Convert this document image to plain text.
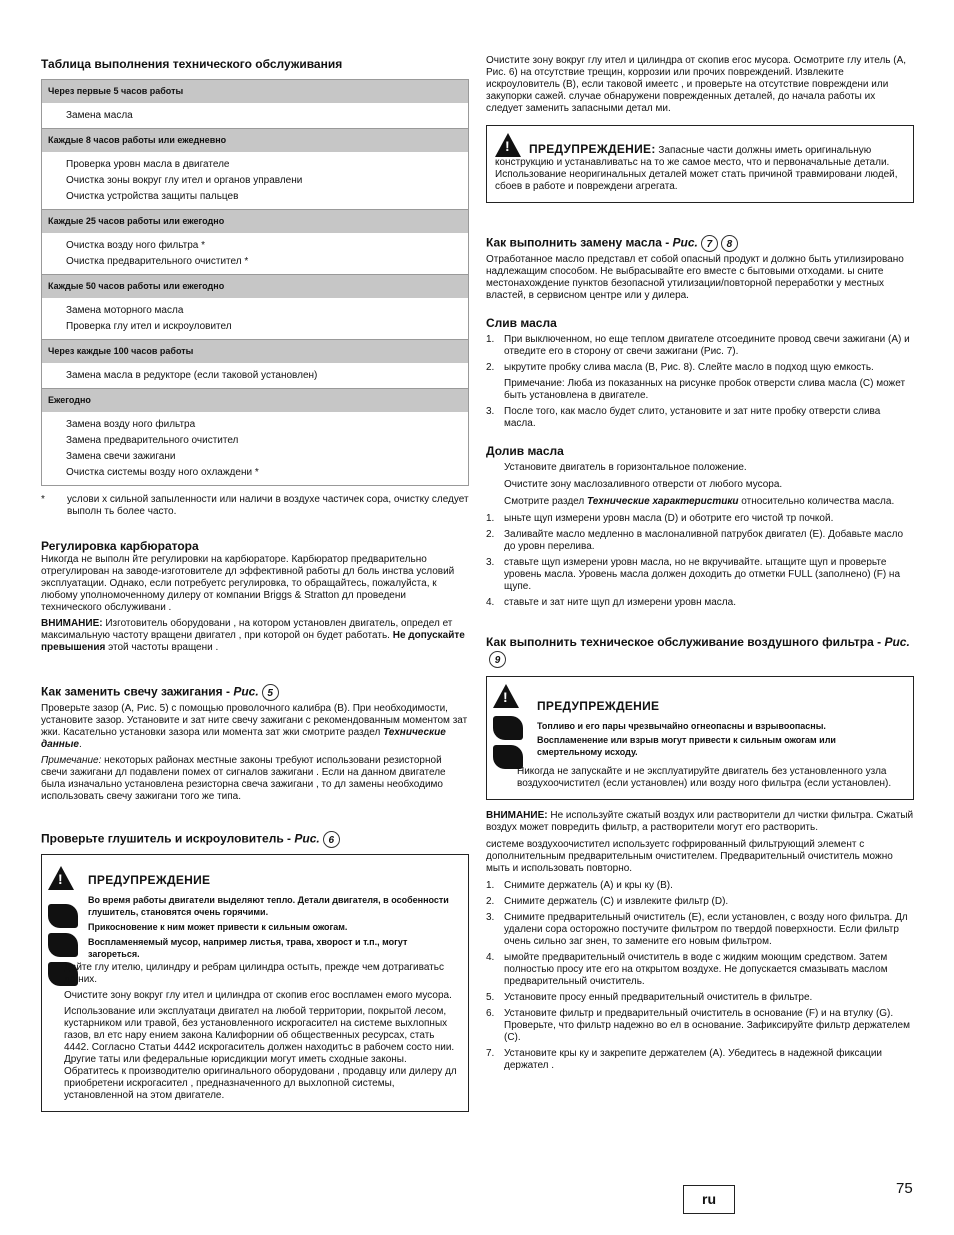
Таблица выполнения технического обслуживания
Через первые 5 часов работы
Замена масла
Каждые 8 часов работы или ежедневно
Проверка уровн масла в двигателе
Очистка зоны вокруг глу ител и органов управлени
Очистка устройства защиты пальцев
Каждые 25 часов работы или ежегодно
Очистка возду ного фильтра *
Очистка предварительного очистител *
Каждые 50 часов работы или ежегодно
Замена моторного масла
Проверка глу ител и искроуловител
Через каждые 100 часов работы
Замена масла в редукторе (если таковой установлен)
Ежегодно
Замена возду ного фильтра
Замена предварительного очистител
Замена свечи зажигани
Очистка системы возду ного охлаждени *
*	услови х сильной запыленности или наличи в воздухе частичек сора, очистку следует выполн ть более часто.
Регулировка карбюратора

Никогда не выполн йте регулировки на карбюраторе. Карбюратор предварительно отрегулирован на заводе-изготовителе дл эффективной работы дл боль инства условий эксплуатации. Однако, если потребуетс регулировка, то обращайтесь, пожалуйста, к любому уполномоченному дилеру от компании Briggs & Stratton дл проведени технического обслуживани .

ВНИМАНИЕ: Изготовитель оборудовани , на котором установлен двигатель, определ ет максимальную частоту вращени двигател , при которой он будет работать. Не допускайте превышения этой частоты вращени .

Как заменить свечу зажигания - Рис. 5

Проверьте зазор (А, Рис. 5) с помощью проволочного калибра (В). При необходимости, установите зазор. Установите и зат ните свечу зажигани с рекомендованным моментом зат жки. Касательно установки зазора или момента зат жки смотрите раздел Технические данные.

Примечание: некоторых районах местные законы требуют использовани резисторной свечи зажигани дл подавлени помех от сигналов зажигани . Если на данном двигателе была изначально установлена резисторна свеча зажигани , то дл замены необходимо использовать свечу зажигани того же типа.

Проверьте глушитель и искроуловитель - Рис. 6
!
ПРЕДУПРЕЖДЕНИЕ

Во время работы двигатели выделяют тепло. Детали двигателя, в особенности глушитель, становятся очень горячими.

Прикосновение к ним может привести к сильным ожогам.

Воспламеняемый мусор, например листья, трава, хворост и т.п., могут загореться.

Дайте глу ителю, цилиндру и ребрам цилиндра остыть, прежде чем дотрагиватьс до них.

Очистите зону вокруг глу ител и цилиндра от скопив егос воспламен емого мусора.

Использование или эксплуатаци двигател на любой территории, покрытой лесом, кустарником или травой, без установленного искрогасител на системе выхлопных газов, вл етс нару ением закона Калифорнии об общественных ресурсах, стать 4442. Согласно Статьи 4442 искрогаситель должен находитьс в рабочем состо нии. Другие таты или федеральные юрисдикции могут иметь сходные законы. Обратитесь к производителю оригинального оборудовани , продавцу или дилеру дл приобретени искрогасител , предназначенного дл выхлопной системы, установленной на этом двигателе.

Очистите зону вокруг глу ител и цилиндра от скопив егос мусора. Осмотрите глу итель (А, Рис. 6) на отсутствие трещин, коррозии или прочих повреждений. Извлеките искроуловитель (В), если таковой имеетс , и проверьте на отсутствие повреждени или закупорки сажей. случае обнаружени поврежденных деталей, до начала работы их следует заменить запасными детал ми.

!ПРЕДУПРЕЖДЕНИЕ: Запасные части должны иметь оригинальную конструкцию и устанавливатьс на то же самое место, что и первоначальные детали. Использование неоригинальных деталей может стать причиной травмировани людей, сбоев в работе и повреждени агрегата.

Как выполнить замену масла - Рис. 7 8

Отработанное масло представл ет собой опасный продукт и должно быть утилизировано надлежащим способом. Не выбрасывайте его вместе с бытовыми отходами. ы сните местонахождение пунктов безопасной утилизации/повторной переработки у местных властей, в сервисном центре или у дилера.

Слив масла
1. При выключенном, но еще теплом двигателе отсоедините провод свечи зажигани (А) и отведите его в сторону от свечи зажигани (Рис. 7).
2. ыкрутите пробку слива масла (В, Рис. 8). Слейте масло в подход щую емкость.
Примечание: Люба из показанных на рисунке пробок отверсти слива масла (С) может быть установлена в двигателе.
3. После того, как масло будет слито, установите и зат ните пробку отверсти слива масла.
Долив масла

Установите двигатель в горизонтальное положение.

Очистите зону маслозаливного отверсти от любого мусора.

Смотрите раздел Технические характеристики относительно количества масла.

1. ыньте щуп измерени уровн масла (D) и оботрите его чистой тр почкой.
2. Заливайте масло медленно в маслоналивной патрубок двигател (Е). Добавьте масло до уровн перелива.
3. ставьте щуп измерени уровн масла, но не вкручивайте. ытащите щуп и проверьте уровень масла. Уровень масла должен доходить до отметки FULL (заполнено) (F) на щупе.
4. ставьте и зат ните щуп дл измерени уровн масла.
Как выполнить техническое обслуживание воздушного фильтра - Рис.9
!
ПРЕДУПРЕЖДЕНИЕ

Топливо и его пары чрезвычайно огнеопасны и взрывоопасны.

Воспламенение или взрыв могут привести к сильным ожогам или смертельному исходу.

Никогда не запускайте и не эксплуатируйте двигатель без установленного узла воздухоочистител (если установлен) или возду ного фильтра (если установлен).

ВНИМАНИЕ: Не используйте сжатый воздух или растворители дл чистки фильтра. Сжатый воздух может повредить фильтр, а растворители могут его растворить.

системе воздухоочистител используетс гофрированный фильтрующий элемент с дополнительным предварительным очистителем. Предварительный очиститель можно мыть и использовать повторно.

1. Снимите держатель (А) и кры ку (В).
2. Снимите держатель (С) и извлеките фильтр (D).
3. Снимите предварительный очиститель (Е), если установлен, с возду ного фильтра. Дл удалени сора осторожно постучите фильтром по твердой поверхности. Если фильтр очень сильно заг знен, то замените его новым фильтром.
4. ымойте предварительный очиститель в воде с жидким моющим средством. Затем полностью просу ите его на открытом воздухе. Не допускается смазывать маслом предварительный очиститель.
5. Установите просу енный предварительный очиститель в фильтре.
6. Установите фильтр и предварительный очиститель в основание (F) и на втулку (G). Проверьте, что фильтр надежно во ел в основание. Зафиксируйте фильтр держателем (С).
7. Установите кры ку и закрепите держателем (А). Убедитесь в надежной фиксации держател .
ru
75
